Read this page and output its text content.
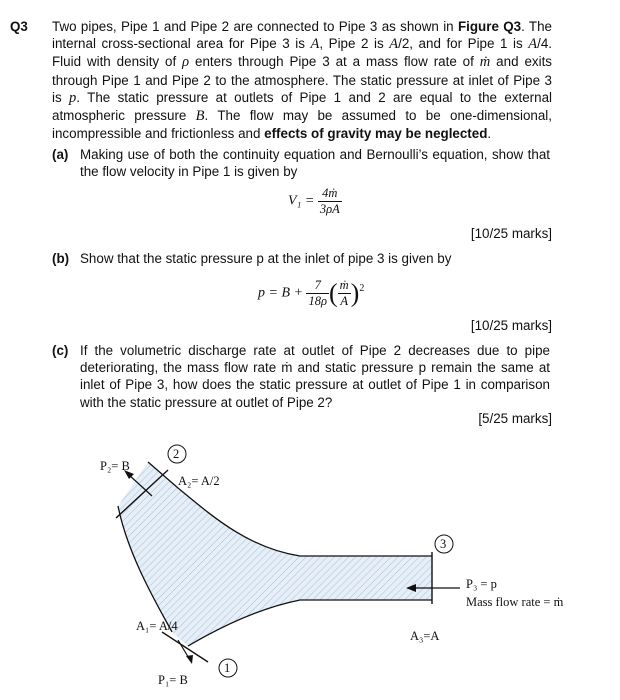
Q3 Two pipes, Pipe 1 and Pipe 2 are connected to Pipe 3 as shown in Figure Q3. The internal cross-sectional area for Pipe 3 is A, Pipe 2 is A/2, and for Pipe 1 is A/4. Fluid with density of ρ enters through Pipe 3 at a mass flow rate of ṁ and exits through Pipe 1 and Pipe 2 to the atmosphere. The static pressure at inlet of Pipe 3 is p. The static pressure at outlets of Pipe 1 and 2 are equal to the external atmospheric pressure B. The flow may be assumed to be one-dimensional, incompressible and frictionless and effects of gravity may be neglected.
(a) Making use of both the continuity equation and Bernoulli’s equation, show that the flow velocity in Pipe 1 is given by
$V_1 = \frac{\text{4ṁ}}{3\rho A}$
[10/25 marks]
(b) Show that the static pressure p at the inlet of pipe 3 is given by
$p = B + \frac{7}{18\rho}$ ( $\frac{\text{ṁ}}{A} )^2$
[10/25 marks]
(c) If the volumetric discharge rate at outlet of Pipe 2 decreases due to pipe deteriorating, the mass flow rate ṁ and static pressure p remain the same at inlet of Pipe 3, how does the static pressure at outlet of Pipe 1 in comparison with the static pressure at outlet of Pipe 2?
[5/25 marks]
P₂= B
A₂= A/2
2
3
P₃ = p
Mass flow rate = ṁ
A₃=A
A₁= A/4
P₁= B
1
